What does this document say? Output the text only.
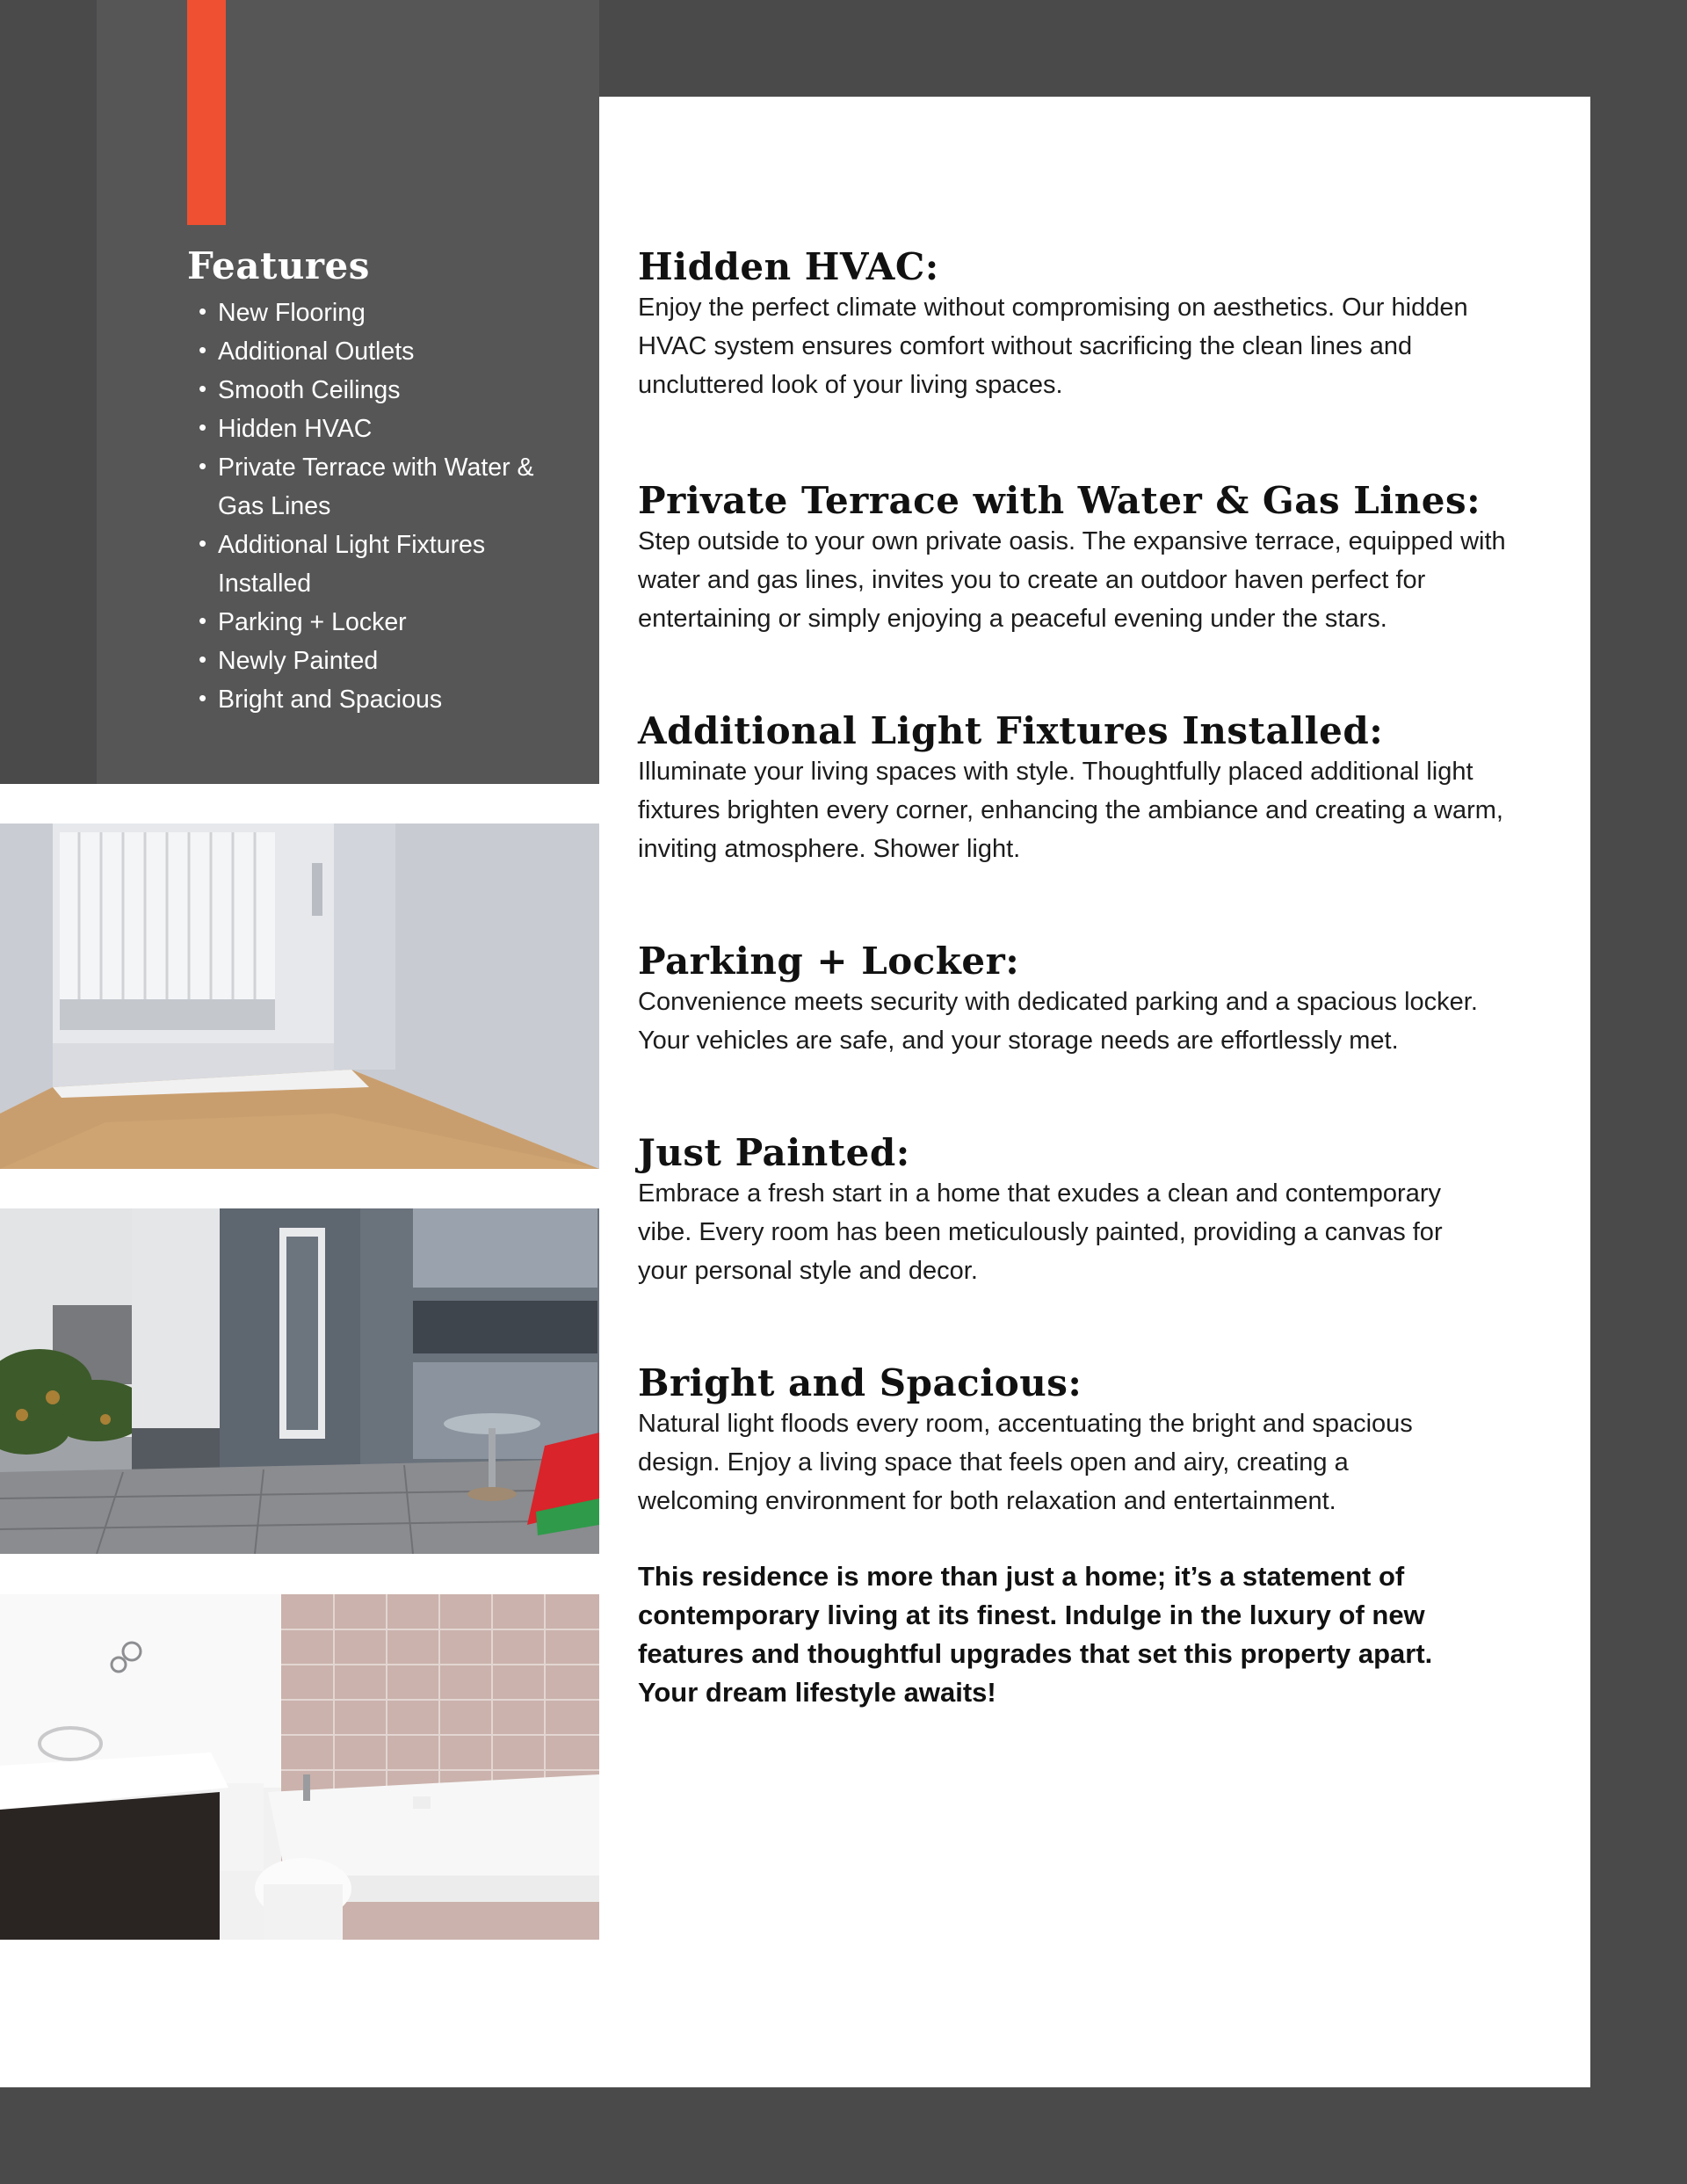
Features
• New Flooring
• Additional Outlets
• Smooth Ceilings
• Hidden HVAC
• Private Terrace with Water & Gas Lines
• Additional Light Fixtures Installed
• Parking + Locker
• Newly Painted
• Bright and Spacious
Hidden HVAC:

Enjoy the perfect climate without compromising on aesthetics. Our hidden HVAC system ensures comfort without sacrificing the clean lines and uncluttered look of your living spaces.

Private Terrace with Water & Gas Lines:

Step outside to your own private oasis. The expansive terrace, equipped with water and gas lines, invites you to create an outdoor haven perfect for entertaining or simply enjoying a peaceful evening under the stars.

Additional Light Fixtures Installed:

Illuminate your living spaces with style. Thoughtfully placed additional light fixtures brighten every corner, enhancing the ambiance and creating a warm, inviting atmosphere. Shower light.

Parking + Locker:

Convenience meets security with dedicated parking and a spacious locker. Your vehicles are safe, and your storage needs are effortlessly met.

Just Painted:

Embrace a fresh start in a home that exudes a clean and contemporary vibe. Every room has been meticulously painted, providing a canvas for your personal style and decor.

Bright and Spacious:

Natural light floods every room, accentuating the bright and spacious design. Enjoy a living space that feels open and airy, creating a welcoming environment for both relaxation and entertainment.

This residence is more than just a home; it’s a statement of contemporary living at its finest. Indulge in the luxury of new features and thoughtful upgrades that set this property apart. Your dream lifestyle awaits!
